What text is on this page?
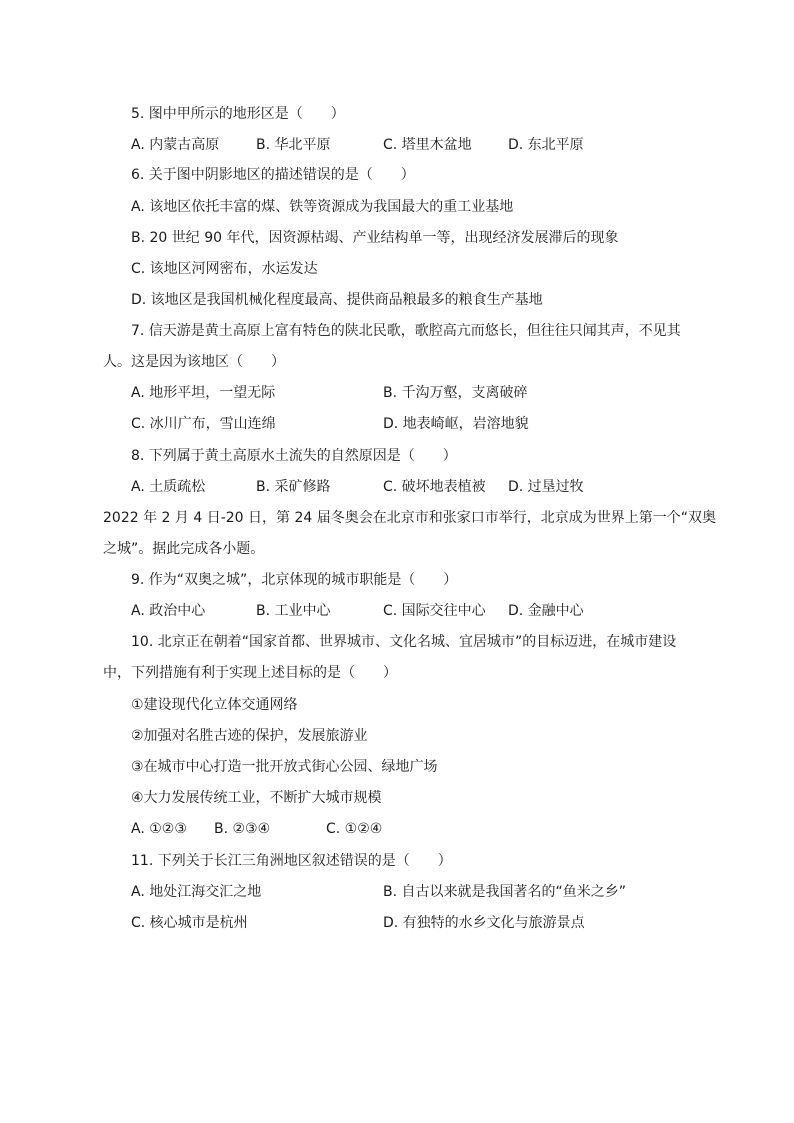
5. 图中甲所示的地形区是（　　）
A. 内蒙古高原	B. 华北平原	C. 塔里木盆地	D. 东北平原
6. 关于图中阴影地区的描述错误的是（　　）
A. 该地区依托丰富的煤、铁等资源成为我国最大的重工业基地
B. 20 世纪 90 年代，因资源枯竭、产业结构单一等，出现经济发展滞后的现象
C. 该地区河网密布，水运发达
D. 该地区是我国机械化程度最高、提供商品粮最多的粮食生产基地
7. 信天游是黄土高原上富有特色的陕北民歌，歌腔高亢而悠长，但往往只闻其声，不见其
人。这是因为该地区（　　）
A. 地形平坦，一望无际	B. 千沟万壑，支离破碎
C. 冰川广布，雪山连绵	D. 地表崎岖，岩溶地貌
8. 下列属于黄土高原水土流失的自然原因是（　　）
A. 土质疏松	B. 采矿修路	C. 破坏地表植被 D. 过垦过牧
2022 年 2 月 4 日-20 日，第 24 届冬奥会在北京市和张家口市举行，北京成为世界上第一个“双奥
之城”。据此完成各小题。
9. 作为“双奥之城”，北京体现的城市职能是（　　）
A. 政治中心	B. 工业中心	C. 国际交往中心 D. 金融中心
10. 北京正在朝着“国家首都、世界城市、文化名城、宜居城市”的目标迈进，在城市建设
中，下列措施有利于实现上述目标的是（　　）
①建设现代化立体交通网络
②加强对名胜古迹的保护，发展旅游业
③在城市中心打造一批开放式街心公园、绿地广场
④大力发展传统工业，不断扩大城市规模
A. ①②③ B. ②③④	C. ①②④
11. 下列关于长江三角洲地区叙述错误的是（　　）
A. 地处江海交汇之地	B. 自古以来就是我国著名的“鱼米之乡”
C. 核心城市是杭州	D. 有独特的水乡文化与旅游景点
